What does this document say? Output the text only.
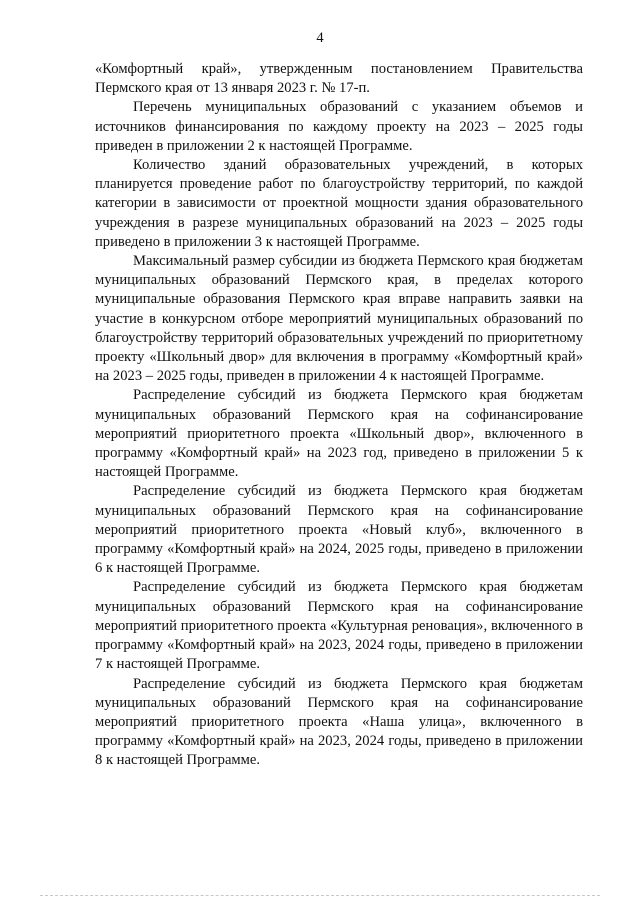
4

«Комфортный край», утвержденным постановлением Правительства Пермского края от 13 января 2023 г. № 17-п.

Перечень муниципальных образований с указанием объемов и источников финансирования по каждому проекту на 2023 – 2025 годы приведен в приложении 2 к настоящей Программе.

Количество зданий образовательных учреждений, в которых планируется проведение работ по благоустройству территорий, по каждой категории в зависимости от проектной мощности здания образовательного учреждения в разрезе муниципальных образований на 2023 – 2025 годы приведено в приложении 3 к настоящей Программе.

Максимальный размер субсидии из бюджета Пермского края бюджетам муниципальных образований Пермского края, в пределах которого муниципальные образования Пермского края вправе направить заявки на участие в конкурсном отборе мероприятий муниципальных образований по благоустройству территорий образовательных учреждений по приоритетному проекту «Школьный двор» для включения в программу «Комфортный край» на 2023 – 2025 годы, приведен в приложении 4 к настоящей Программе.

Распределение субсидий из бюджета Пермского края бюджетам муниципальных образований Пермского края на софинансирование мероприятий приоритетного проекта «Школьный двор», включенного в программу «Комфортный край» на 2023 год, приведено в приложении 5 к настоящей Программе.

Распределение субсидий из бюджета Пермского края бюджетам муниципальных образований Пермского края на софинансирование мероприятий приоритетного проекта «Новый клуб», включенного в программу «Комфортный край» на 2024, 2025 годы, приведено в приложении 6 к настоящей Программе.

Распределение субсидий из бюджета Пермского края бюджетам муниципальных образований Пермского края на софинансирование мероприятий приоритетного проекта «Культурная реновация», включенного в программу «Комфортный край» на 2023, 2024 годы, приведено в приложении 7 к настоящей Программе.

Распределение субсидий из бюджета Пермского края бюджетам муниципальных образований Пермского края на софинансирование мероприятий приоритетного проекта «Наша улица», включенного в программу «Комфортный край» на 2023, 2024 годы, приведено в приложении 8 к настоящей Программе.
